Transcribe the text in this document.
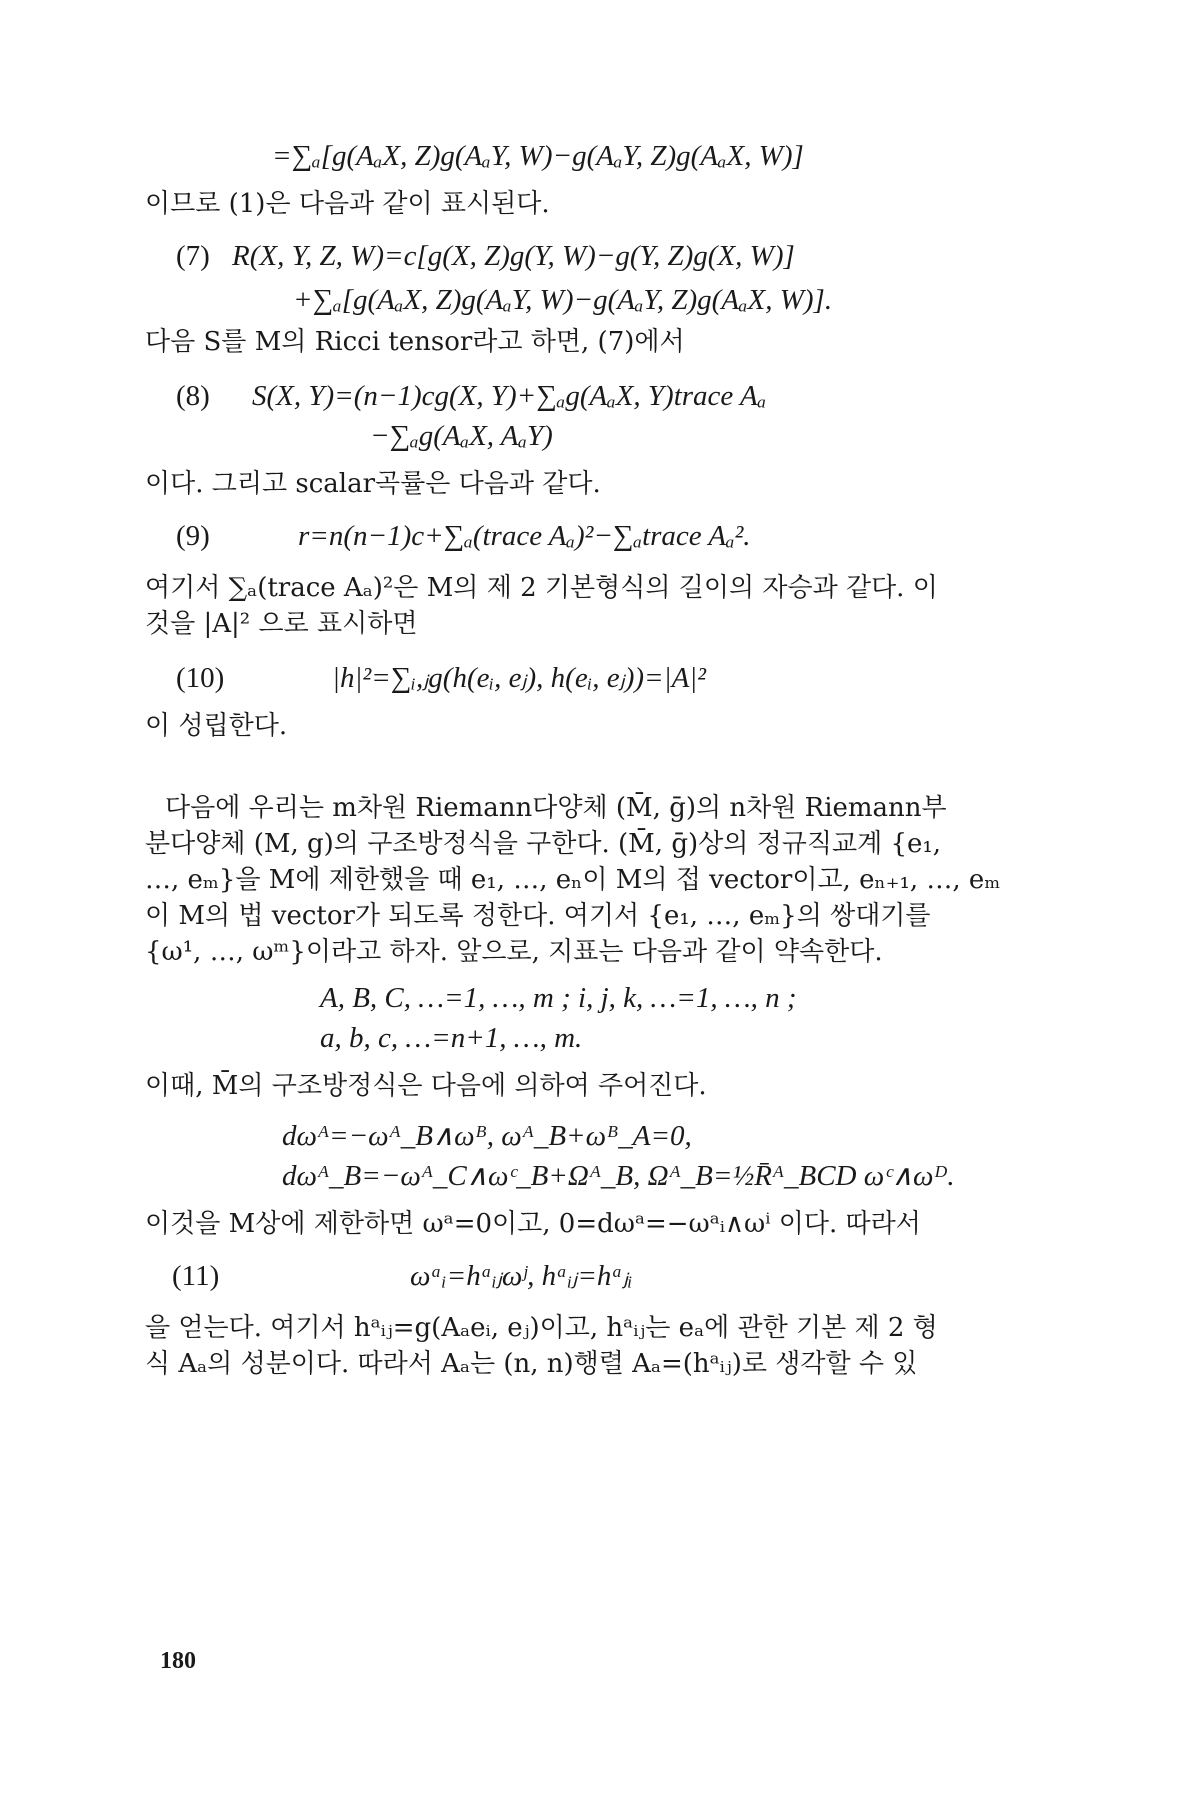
=∑ₐ[g(AₐX, Z)g(AₐY, W)−g(AₐY, Z)g(AₐX, W)]
이므로 (1)은 다음과 같이 표시된다.
(7) R(X, Y, Z, W)=c[g(X, Z)g(Y, W)−g(Y, Z)g(X, W)]
+∑ₐ[g(AₐX, Z)g(AₐY, W)−g(AₐY, Z)g(AₐX, W)].
다음 S를 M의 Ricci tensor라고 하면, (7)에서
(8) S(X, Y)=(n−1)cg(X, Y)+∑ₐg(AₐX, Y)trace Aₐ
−∑ₐg(AₐX, AₐY)
이다. 그리고 scalar곡률은 다음과 같다.
(9)	r=n(n−1)c+∑ₐ(trace Aₐ)²−∑ₐtrace Aₐ².
여기서 ∑ₐ(trace Aₐ)²은 M의 제 2 기본형식의 길이의 자승과 같다. 이
것을 |A|² 으로 표시하면
(10)	|h|²=∑ᵢ,ⱼg(h(eᵢ, eⱼ), h(eᵢ, eⱼ))=|A|²
이 성립한다.
다음에 우리는 m차원 Riemann다양체 (M̄, ḡ)의 n차원 Riemann부
분다양체 (M, g)의 구조방정식을 구한다. (M̄, ḡ)상의 정규직교계 {e₁,
…, eₘ}을 M에 제한했을 때 e₁, …, eₙ이 M의 접 vector이고, eₙ₊₁, …, eₘ
이 M의 법 vector가 되도록 정한다. 여기서 {e₁, …, eₘ}의 쌍대기를
{ω¹, …, ωᵐ}이라고 하자. 앞으로, 지표는 다음과 같이 약속한다.
A, B, C, …=1, …, m ; i, j, k, …=1, …, n ;
a, b, c, …=n+1, …, m.
이때, M̄의 구조방정식은 다음에 의하여 주어진다.
dωᴬ=−ωᴬ_B∧ωᴮ, ωᴬ_B+ωᴮ_A=0,
dωᴬ_B=−ωᴬ_C∧ωᶜ_B+Ωᴬ_B, Ωᴬ_B=½R̄ᴬ_BCD ωᶜ∧ωᴰ.
이것을 M상에 제한하면 ωᵃ=0이고, 0=dωᵃ=−ωᵃᵢ∧ωⁱ 이다. 따라서
(11)	ωᵃᵢ=hᵃᵢⱼωʲ, hᵃᵢⱼ=hᵃⱼᵢ
을 얻는다. 여기서 hᵃᵢⱼ=g(Aₐeᵢ, eⱼ)이고, hᵃᵢⱼ는 eₐ에 관한 기본 제 2 형
식 Aₐ의 성분이다. 따라서 Aₐ는 (n, n)행렬 Aₐ=(hᵃᵢⱼ)로 생각할 수 있
180
